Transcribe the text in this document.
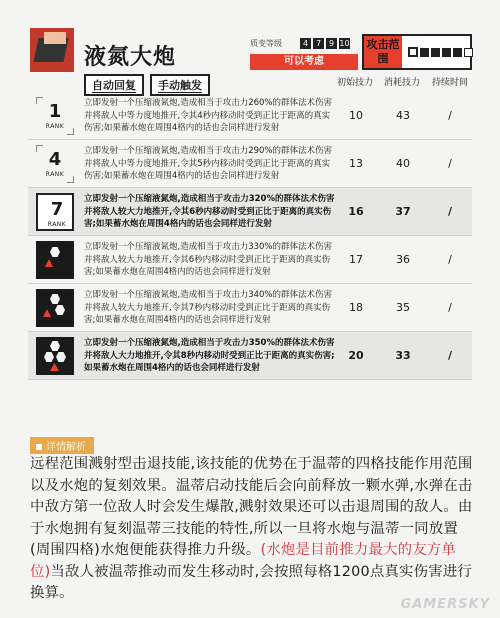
液氮大炮
自动回复	手动触发
质变等级	4 7 9 10
可以考虑
攻击范围
初始技力 消耗技力 持续时间
1
RANK
立即发射一个压缩液氮炮,造成相当于攻击力260%的群体法术伤害并将敌人中等力度地推开,令其4秒内移动时受到正比于距离的真实伤害;如果蓄水炮在周围4格内的话也会同样进行发射
10	43	/
4
RANK
立即发射一个压缩液氮炮,造成相当于攻击力290%的群体法术伤害并将敌人中等力度地推开,令其5秒内移动时受到正比于距离的真实伤害;如果蓄水炮在周围4格内的话也会同样进行发射
13	40	/
7
RANK
立即发射一个压缩液氮炮,造成相当于攻击力320%的群体法术伤害并将敌人较大力地推开,令其6秒内移动时受到正比于距离的真实伤害;如果蓄水炮在周围4格内的话也会同样进行发射
16	37	/
立即发射一个压缩液氮炮,造成相当于攻击力330%的群体法术伤害并将敌人较大力地推开,令其6秒内移动时受到正比于距离的真实伤害;如果蓄水炮在周围4格内的话也会同样进行发射
17	36	/
立即发射一个压缩液氮炮,造成相当于攻击力340%的群体法术伤害并将敌人较大力地推开,令其7秒内移动时受到正比于距离的真实伤害;如果蓄水炮在周围4格内的话也会同样进行发射
18	35	/
立即发射一个压缩液氮炮,造成相当于攻击力350%的群体法术伤害并将敌人大力地推开,令其8秒内移动时受到正比于距离的真实伤害;如果蓄水炮在周围4格内的话也会同样进行发射
20	33	/
详情解析
远程范围溅射型击退技能,该技能的优势在于温蒂的四格技能作用范围以及水炮的复刻效果。温蒂启动技能后会向前释放一颗水弹,水弹在击中敌方第一位敌人时会发生爆散,溅射效果还可以击退周围的敌人。由于水炮拥有复刻温蒂三技能的特性,所以一旦将水炮与温蒂一同放置(周围四格)水炮便能获得推力升级。(水炮是目前推力最大的友方单位)当敌人被温蒂推动而发生移动时,会按照每格1200点真实伤害进行换算。
GAMERSKY
